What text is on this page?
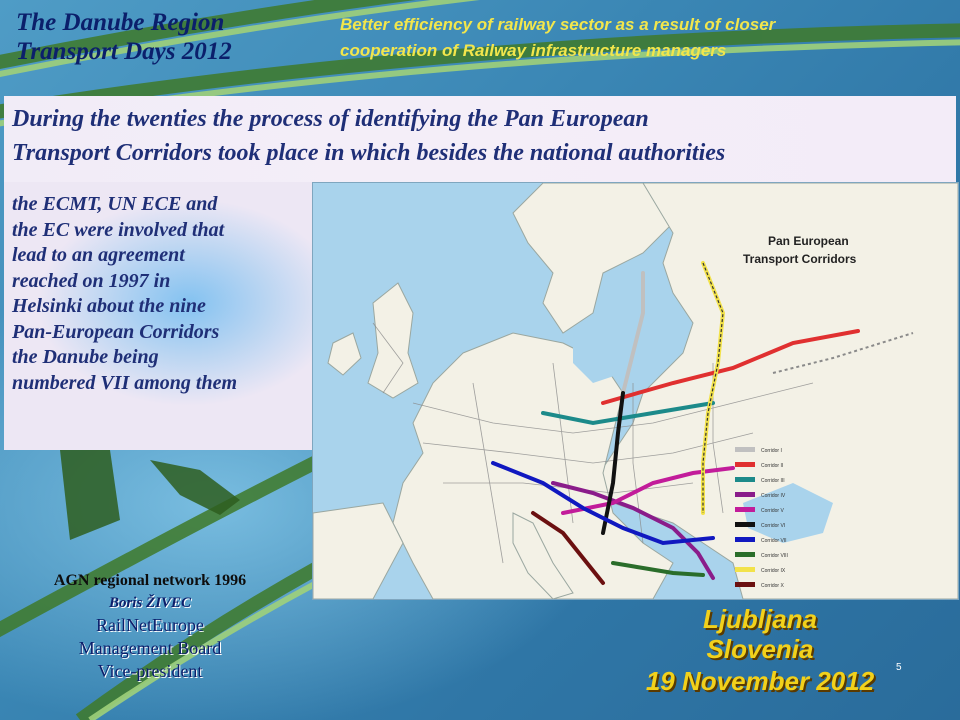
The Danube Region
Transport Days 2012
Better efficiency of railway sector as a result of closer
cooperation of Railway infrastructure managers
During the twenties the process of identifying the Pan European
Transport Corridors took place in which besides the national authorities
the ECMT, UN ECE and
the EC were involved that
lead to an agreement
reached on 1997 in
Helsinki about the nine
Pan-European Corridors
the Danube being
numbered VII among them
Pan European
Transport Corridors
Corridor I
Corridor II
Corridor III
Corridor IV
Corridor V
Corridor VI
Corridor VII
Corridor VIII
Corridor IX
Corridor X
AGN regional network 1996
Boris ŽIVEC
RailNetEurope
Management Board
Vice-president
Ljubljana
Slovenia
19 November 2012	5
